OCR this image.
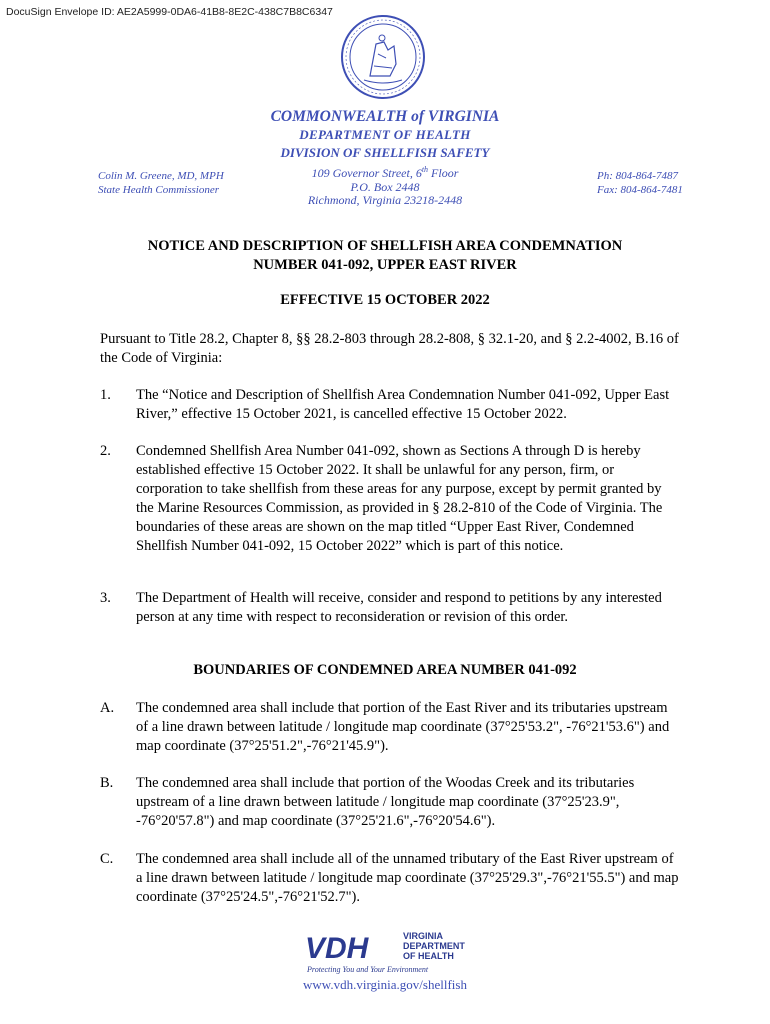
DocuSign Envelope ID: AE2A5999-0DA6-41B8-8E2C-438C7B8C6347
COMMONWEALTH of VIRGINIA
DEPARTMENT OF HEALTH
DIVISION OF SHELLFISH SAFETY
Colin M. Greene, MD, MPH
State Health Commissioner
109 Governor Street, 6th Floor
P.O. Box 2448
Richmond, Virginia 23218-2448
Ph: 804-864-7487
Fax: 804-864-7481
NOTICE AND DESCRIPTION OF SHELLFISH AREA CONDEMNATION
NUMBER 041-092, UPPER EAST RIVER
EFFECTIVE 15 OCTOBER 2022
Pursuant to Title 28.2, Chapter 8, §§ 28.2-803 through 28.2-808, § 32.1-20, and § 2.2-4002, B.16 of the Code of Virginia:
1. The “Notice and Description of Shellfish Area Condemnation Number 041-092, Upper East River,” effective 15 October 2021, is cancelled effective 15 October 2022.
2. Condemned Shellfish Area Number 041-092, shown as Sections A through D is hereby established effective 15 October 2022. It shall be unlawful for any person, firm, or corporation to take shellfish from these areas for any purpose, except by permit granted by the Marine Resources Commission, as provided in § 28.2-810 of the Code of Virginia. The boundaries of these areas are shown on the map titled “Upper East River, Condemned Shellfish Number 041-092, 15 October 2022” which is part of this notice.
3. The Department of Health will receive, consider and respond to petitions by any interested person at any time with respect to reconsideration or revision of this order.
BOUNDARIES OF CONDEMNED AREA NUMBER 041-092
A. The condemned area shall include that portion of the East River and its tributaries upstream of a line drawn between latitude / longitude map coordinate (37°25'53.2", -76°21'53.6") and map coordinate (37°25'51.2",-76°21'45.9").
B. The condemned area shall include that portion of the Woodas Creek and its tributaries upstream of a line drawn between latitude / longitude map coordinate (37°25'23.9", -76°20'57.8") and map coordinate (37°25'21.6",-76°20'54.6").
C. The condemned area shall include all of the unnamed tributary of the East River upstream of a line drawn between latitude / longitude map coordinate (37°25'29.3",-76°21'55.5") and map coordinate (37°25'24.5",-76°21'52.7").
VDH	VIRGINIA
DEPARTMENT
OF HEALTH
Protecting You and Your Environment
www.vdh.virginia.gov/shellfish
